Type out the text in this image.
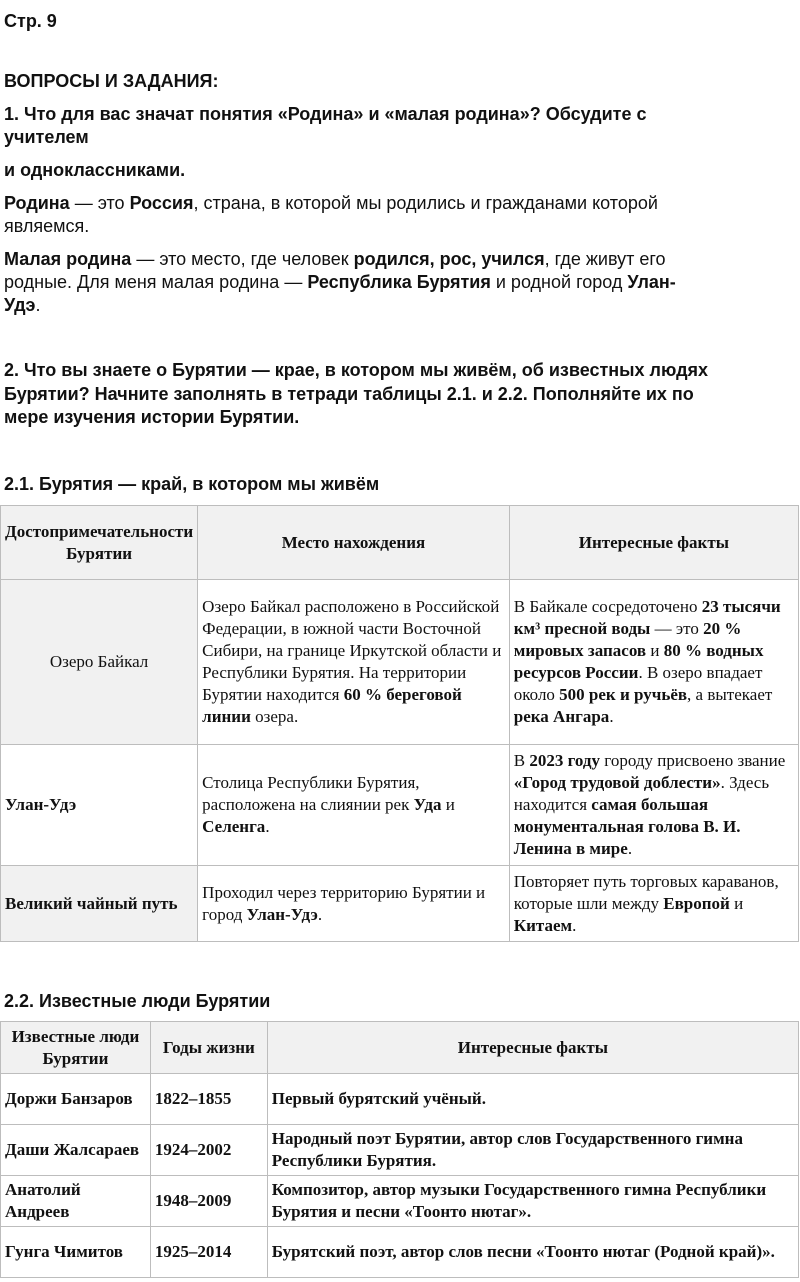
Стр. 9

ВОПРОСЫ И ЗАДАНИЯ:

1. Что для вас значат понятия «Родина» и «малая родина»? Обсудите с

учителем

и одноклассниками.

Родина — это Россия, страна, в которой мы родились и гражданами которой

являемся.

Малая родина — это место, где человек родился, рос, учился, где живут его

родные. Для меня малая родина — Республика Бурятия и родной город Улан-

Удэ.

2. Что вы знаете о Бурятии — крае, в котором мы живём, об известных людях

Бурятии? Начните заполнять в тетради таблицы 2.1. и 2.2. Пополняйте их по

мере изучения истории Бурятии.

2.1. Бурятия — край, в котором мы живём

Достопримечательности Бурятии	Место нахождения	Интересные факты
Озеро Байкал	Озеро Байкал расположено в Российской Федерации, в южной части Восточной Сибири, на границе Иркутской области и Республики Бурятия. На территории Бурятии находится 60 % береговой линии озера.	В Байкале сосредоточено 23 тысячи км³ пресной воды — это 20 % мировых запасов и 80 % водных ресурсов России. В озеро впадает около 500 рек и ручьёв, а вытекает река Ангара.
Улан-Удэ	Столица Республики Бурятия, расположена на слиянии рек Уда и Селенга.	В 2023 году городу присвоено звание «Город трудовой доблести». Здесь находится самая большая монументальная голова В. И. Ленина в мире.
Великий чайный путь	Проходил через территорию Бурятии и город Улан-Удэ.	Повторяет путь торговых караванов, которые шли между Европой и Китаем.

2.2. Известные люди Бурятии

Известные люди Бурятии	Годы жизни	Интересные факты
Доржи Банзаров	1822–1855	Первый бурятский учёный.
Даши Жалсараев	1924–2002	Народный поэт Бурятии, автор слов Государственного гимна Республики Бурятия.
Анатолий Андреев	1948–2009	Композитор, автор музыки Государственного гимна Республики Бурятия и песни «Тоонто нютаг».
Гунга Чимитов	1925–2014	Бурятский поэт, автор слов песни «Тоонто нютаг (Родной край)».
